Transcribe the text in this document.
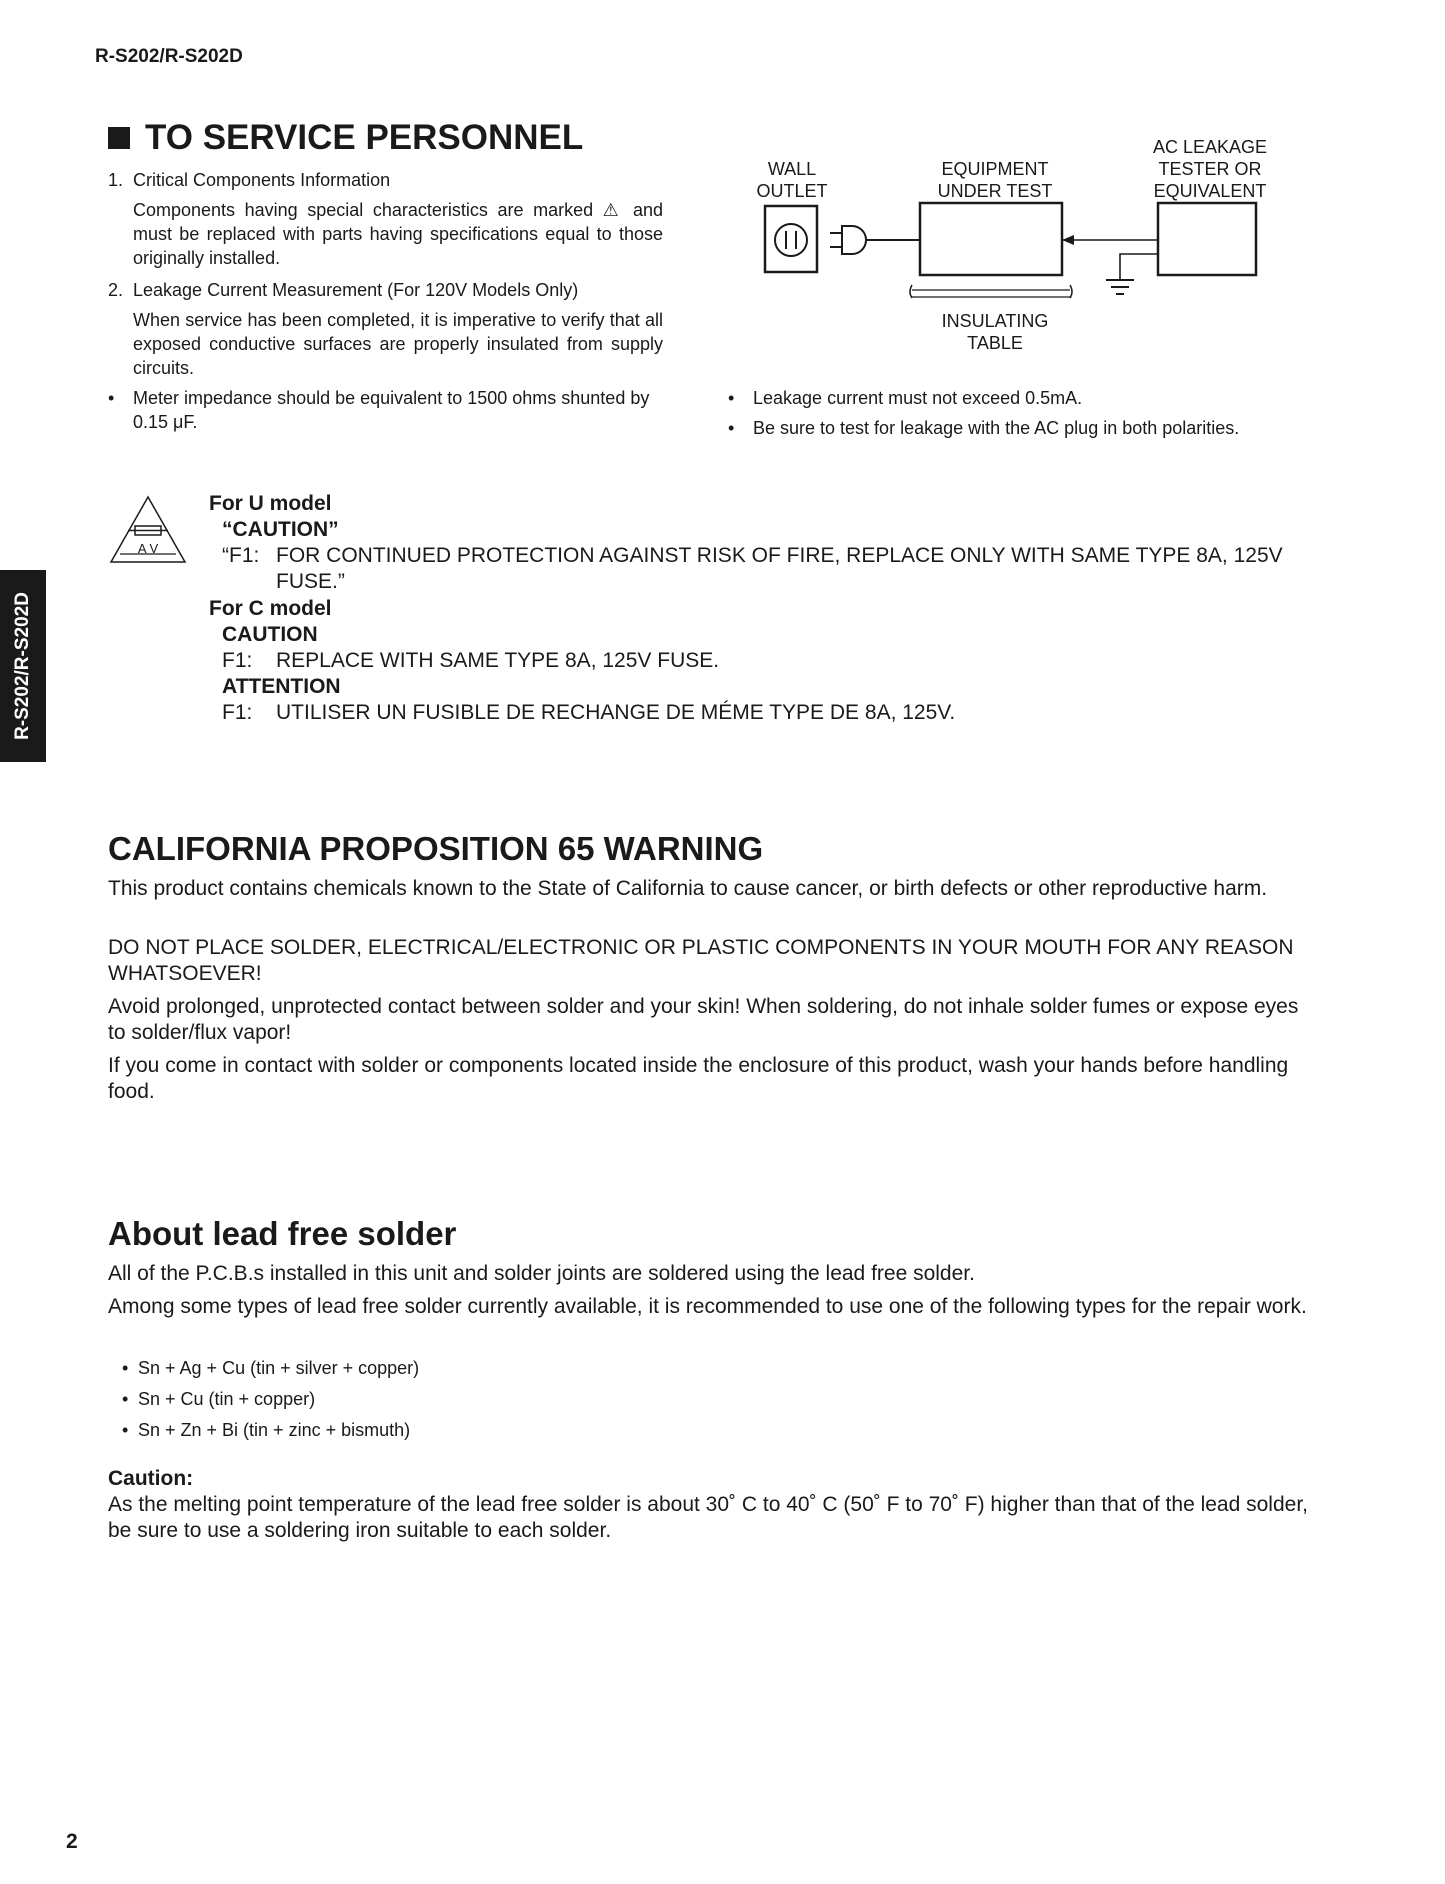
R-S202/R-S202D
R-S202/R-S202D
TO SERVICE PERSONNEL
1. Critical Components Information
Components having special characteristics are marked ⚠ and must be replaced with parts having specifications equal to those originally installed.
2. Leakage Current Measurement (For 120V Models Only)
When service has been completed, it is imperative to verify that all exposed conductive surfaces are properly insulated from supply circuits.
•	Meter impedance should be equivalent to 1500 ohms shunted by 0.15 μF.
WALL
OUTLET
EQUIPMENT
UNDER TEST
AC LEAKAGE
TESTER OR
EQUIVALENT
INSULATING
TABLE
• Leakage current must not exceed 0.5mA.
• Be sure to test for leakage with the AC plug in both polarities.
A V
For U model
“CAUTION”
“F1: FOR CONTINUED PROTECTION AGAINST RISK OF FIRE, REPLACE ONLY WITH SAME TYPE 8A, 125V FUSE.”
For C model
CAUTION
F1: REPLACE WITH SAME TYPE 8A, 125V FUSE.
ATTENTION
F1: UTILISER UN FUSIBLE DE RECHANGE DE MÉME TYPE DE 8A, 125V.
CALIFORNIA PROPOSITION 65 WARNING
This product contains chemicals known to the State of California to cause cancer, or birth defects or other reproductive harm.
DO NOT PLACE SOLDER, ELECTRICAL/ELECTRONIC OR PLASTIC COMPONENTS IN YOUR MOUTH FOR ANY REASON WHATSOEVER!
Avoid prolonged, unprotected contact between solder and your skin! When soldering, do not inhale solder fumes or expose eyes to solder/flux vapor!
If you come in contact with solder or components located inside the enclosure of this product, wash your hands before handling food.
About lead free solder
All of the P.C.B.s installed in this unit and solder joints are soldered using the lead free solder.
Among some types of lead free solder currently available, it is recommended to use one of the following types for the repair work.
• Sn + Ag + Cu (tin + silver + copper)
• Sn + Cu (tin + copper)
• Sn + Zn + Bi (tin + zinc + bismuth)
Caution:
As the melting point temperature of the lead free solder is about 30˚ C to 40˚ C (50˚ F to 70˚ F) higher than that of the lead solder, be sure to use a soldering iron suitable to each solder.
2
